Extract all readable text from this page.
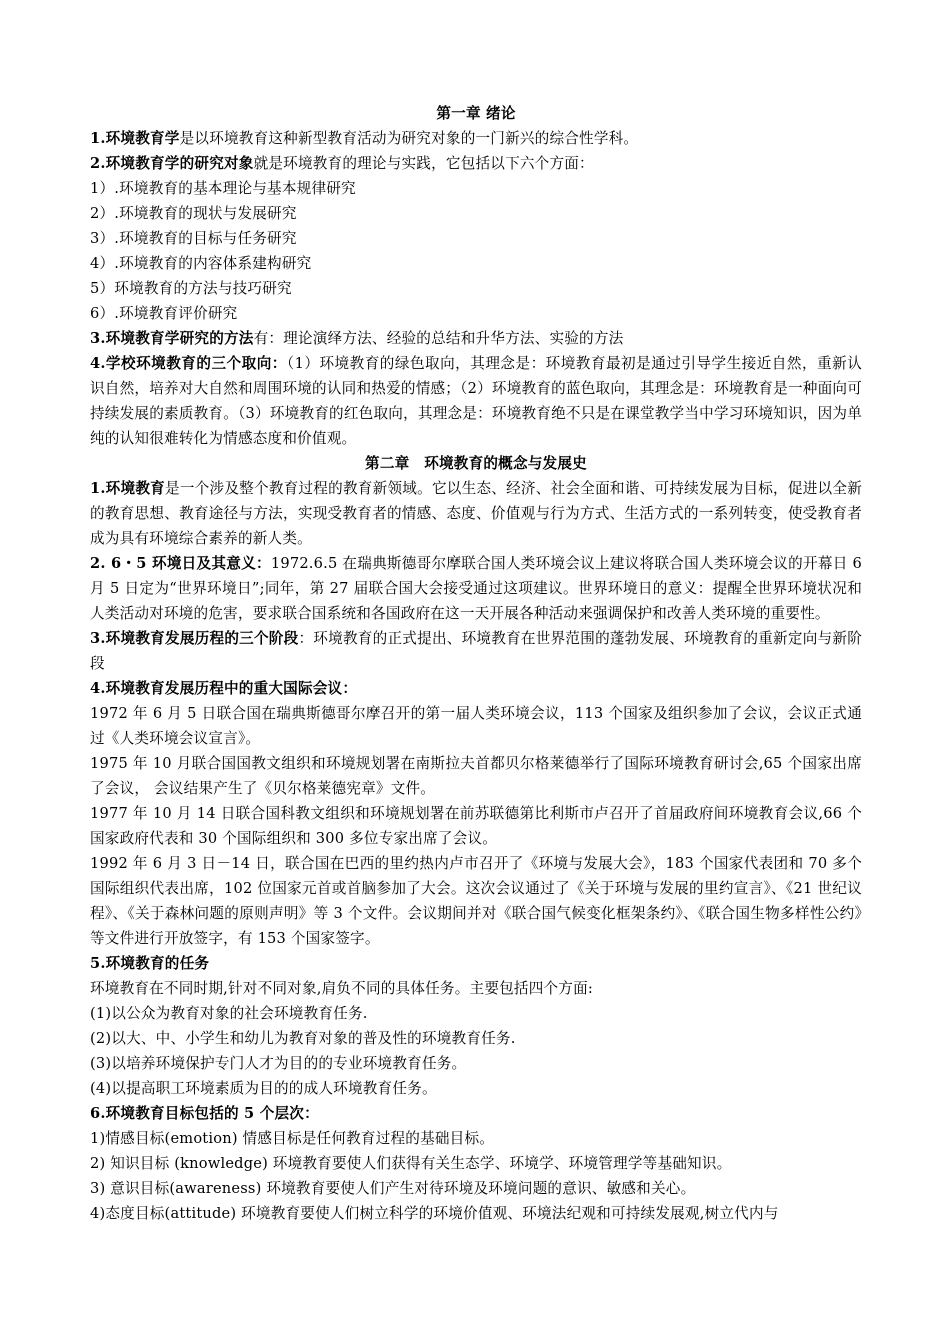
第一章 绪论
1.环境教育学是以环境教育这种新型教育活动为研究对象的一门新兴的综合性学科。
2.环境教育学的研究对象就是环境教育的理论与实践，它包括以下六个方面：
1）.环境教育的基本理论与基本规律研究
2）.环境教育的现状与发展研究
3）.环境教育的目标与任务研究
4）.环境教育的内容体系建构研究
5）环境教育的方法与技巧研究
6）.环境教育评价研究
3.环境教育学研究的方法有：理论演绎方法、经验的总结和升华方法、实验的方法
4.学校环境教育的三个取向：（1）环境教育的绿色取向，其理念是：环境教育最初是通过引导学生接近自然，重新认识自然，培养对大自然和周围环境的认同和热爱的情感；（2）环境教育的蓝色取向，其理念是：环境教育是一种面向可持续发展的素质教育。（3）环境教育的红色取向，其理念是：环境教育绝不只是在课堂教学当中学习环境知识，因为单纯的认知很难转化为情感态度和价值观。
第二章　环境教育的概念与发展史
1.环境教育是一个涉及整个教育过程的教育新领域。它以生态、经济、社会全面和谐、可持续发展为目标，促进以全新的教育思想、教育途径与方法，实现受教育者的情感、态度、价值观与行为方式、生活方式的一系列转变，使受教育者成为具有环境综合素养的新人类。
2. 6・5 环境日及其意义：1972.6.5 在瑞典斯德哥尔摩联合国人类环境会议上建议将联合国人类环境会议的开幕日 6 月 5 日定为“世界环境日”;同年，第 27 届联合国大会接受通过这项建议。世界环境日的意义：提醒全世界环境状况和人类活动对环境的危害，要求联合国系统和各国政府在这一天开展各种活动来强调保护和改善人类环境的重要性。
3.环境教育发展历程的三个阶段：环境教育的正式提出、环境教育在世界范围的蓬勃发展、环境教育的重新定向与新阶段
4.环境教育发展历程中的重大国际会议：
1972 年 6 月 5 日联合国在瑞典斯德哥尔摩召开的第一届人类环境会议，113 个国家及组织参加了会议，会议正式通过《人类环境会议宣言》。
1975 年 10 月联合国国教文组织和环境规划署在南斯拉夫首都贝尔格莱德举行了国际环境教育研讨会,65 个国家出席了会议， 会议结果产生了《贝尔格莱德宪章》文件。
1977 年 10 月 14 日联合国科教文组织和环境规划署在前苏联德第比利斯市卢召开了首届政府间环境教育会议,66 个国家政府代表和 30 个国际组织和 300 多位专家出席了会议。
1992 年 6 月 3 日－14 日，联合国在巴西的里约热内卢市召开了《环境与发展大会》，183 个国家代表团和 70 多个国际组织代表出席，102 位国家元首或首脑参加了大会。这次会议通过了《关于环境与发展的里约宣言》、《21 世纪议程》、《关于森林问题的原则声明》等 3 个文件。会议期间并对《联合国气候变化框架条约》、《联合国生物多样性公约》等文件进行开放签字，有 153 个国家签字。
5.环境教育的任务
环境教育在不同时期,针对不同对象,肩负不同的具体任务。主要包括四个方面:
(1)以公众为教育对象的社会环境教育任务.
(2)以大、中、小学生和幼儿为教育对象的普及性的环境教育任务.
(3)以培养环境保护专门人才为目的的专业环境教育任务。
(4)以提高职工环境素质为目的的成人环境教育任务。
6.环境教育目标包括的 5 个层次：
1)情感目标(emotion) 情感目标是任何教育过程的基础目标。
2) 知识目标 (knowledge) 环境教育要使人们获得有关生态学、环境学、环境管理学等基础知识。
3) 意识目标(awareness) 环境教育要使人们产生对待环境及环境问题的意识、敏感和关心。
4)态度目标(attitude) 环境教育要使人们树立科学的环境价值观、环境法纪观和可持续发展观,树立代内与
